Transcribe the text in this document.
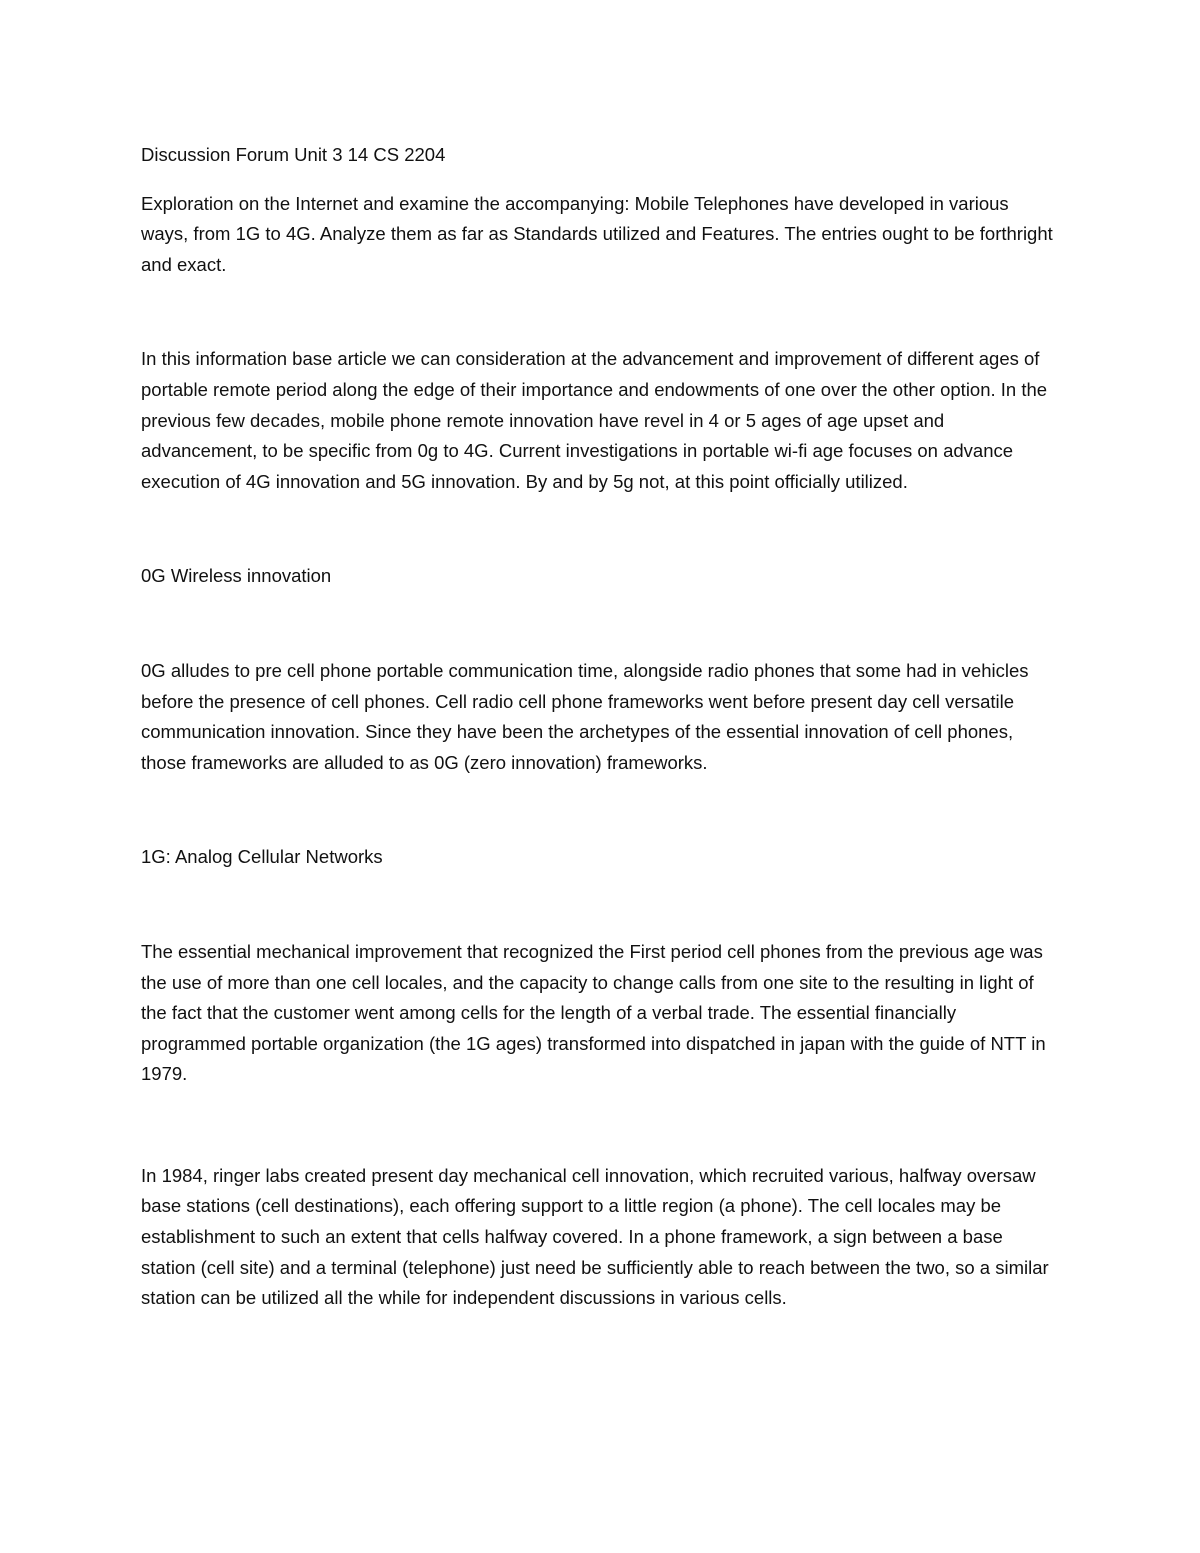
Discussion Forum Unit 3 14 CS 2204

Exploration on the Internet and examine the accompanying: Mobile Telephones have developed in various ways, from 1G to 4G. Analyze them as far as Standards utilized and Features. The entries ought to be forthright and exact.

In this information base article we can consideration at the advancement and improvement of different ages of portable remote period along the edge of their importance and endowments of one over the other option. In the previous few decades, mobile phone remote innovation have revel in 4 or 5 ages of age upset and advancement, to be specific from 0g to 4G. Current investigations in portable wi-fi age focuses on advance execution of 4G innovation and 5G innovation. By and by 5g not, at this point officially utilized.

0G Wireless innovation

0G alludes to pre cell phone portable communication time, alongside radio phones that some had in vehicles before the presence of cell phones. Cell radio cell phone frameworks went before present day cell versatile communication innovation. Since they have been the archetypes of the essential innovation of cell phones, those frameworks are alluded to as 0G (zero innovation) frameworks.

1G: Analog Cellular Networks

The essential mechanical improvement that recognized the First period cell phones from the previous age was the use of more than one cell locales, and the capacity to change calls from one site to the resulting in light of the fact that the customer went among cells for the length of a verbal trade. The essential financially programmed portable organization (the 1G ages) transformed into dispatched in japan with the guide of NTT in 1979.

In 1984, ringer labs created present day mechanical cell innovation, which recruited various, halfway oversaw base stations (cell destinations), each offering support to a little region (a phone). The cell locales may be establishment to such an extent that cells halfway covered. In a phone framework, a sign between a base station (cell site) and a terminal (telephone) just need be sufficiently able to reach between the two, so a similar station can be utilized all the while for independent discussions in various cells.
